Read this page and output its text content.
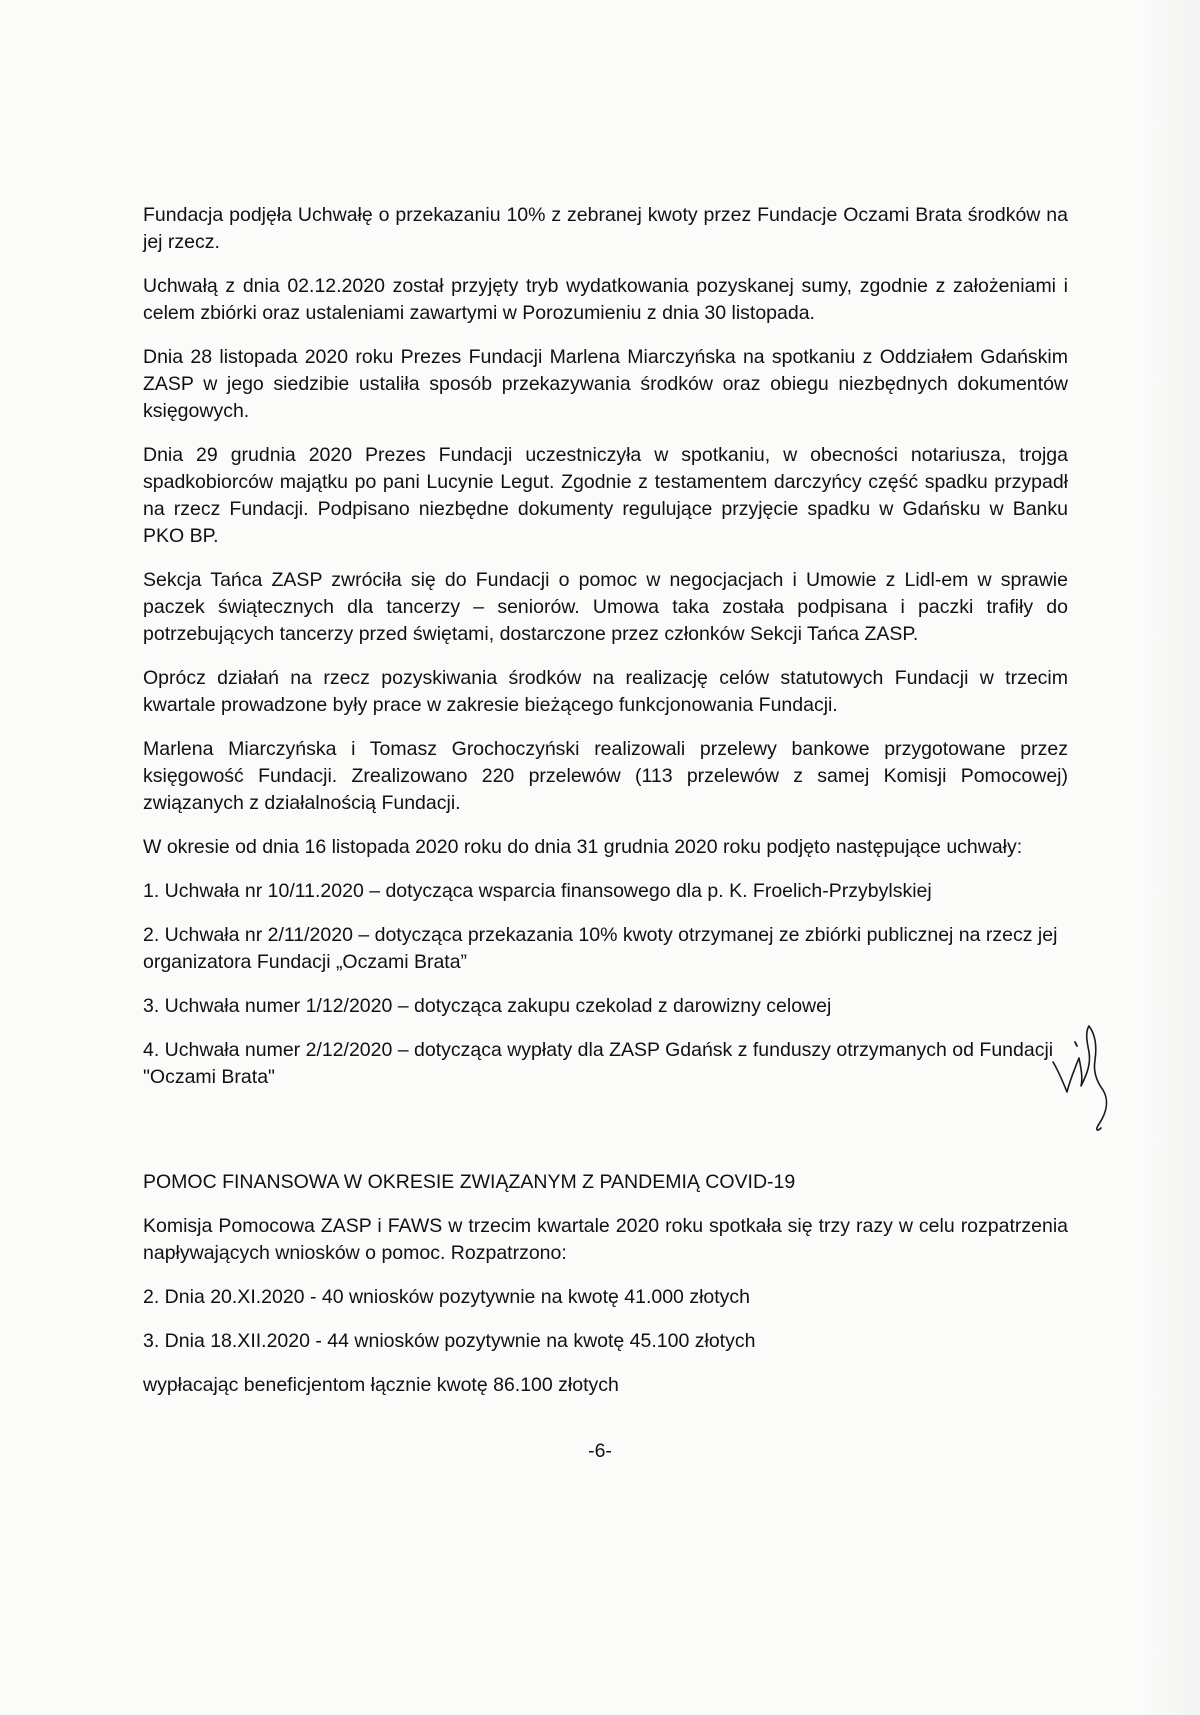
Fundacja podjęła Uchwałę o przekazaniu 10% z zebranej kwoty przez Fundacje Oczami Brata środków na jej rzecz.

Uchwałą z dnia 02.12.2020 został przyjęty tryb wydatkowania pozyskanej sumy, zgodnie z założeniami i celem zbiórki oraz ustaleniami zawartymi w Porozumieniu z dnia 30 listopada.

Dnia 28 listopada 2020 roku Prezes Fundacji Marlena Miarczyńska na spotkaniu z Oddziałem Gdańskim ZASP w jego siedzibie ustaliła sposób przekazywania środków oraz obiegu niezbędnych dokumentów księgowych.

Dnia 29 grudnia 2020 Prezes Fundacji uczestniczyła w spotkaniu, w obecności notariusza, trojga spadkobiorców majątku po pani Lucynie Legut. Zgodnie z testamentem darczyńcy część spadku przypadł na rzecz Fundacji. Podpisano niezbędne dokumenty regulujące przyjęcie spadku w Gdańsku w Banku PKO BP.

Sekcja Tańca ZASP zwróciła się do Fundacji o pomoc w negocjacjach i Umowie z Lidl-em w sprawie paczek świątecznych dla tancerzy – seniorów. Umowa taka została podpisana i paczki trafiły do potrzebujących tancerzy przed świętami, dostarczone przez członków Sekcji Tańca ZASP.

Oprócz działań na rzecz pozyskiwania środków na realizację celów statutowych Fundacji w trzecim kwartale prowadzone były prace w zakresie bieżącego funkcjonowania Fundacji.

Marlena Miarczyńska i Tomasz Grochoczyński realizowali przelewy bankowe przygotowane przez księgowość Fundacji. Zrealizowano 220 przelewów (113 przelewów z samej Komisji Pomocowej) związanych z działalnością Fundacji.

W okresie od dnia 16 listopada 2020 roku do dnia 31 grudnia 2020 roku podjęto następujące uchwały:

1. Uchwała nr 10/11.2020 – dotycząca wsparcia finansowego dla p. K. Froelich-Przybylskiej

2. Uchwała nr 2/11/2020 – dotycząca przekazania 10% kwoty otrzymanej ze zbiórki publicznej na rzecz jej organizatora Fundacji „Oczami Brata”

3. Uchwała numer 1/12/2020 – dotycząca zakupu czekolad z darowizny celowej

4. Uchwała numer 2/12/2020 – dotycząca wypłaty dla ZASP Gdańsk z funduszy otrzymanych od Fundacji "Oczami Brata"

POMOC FINANSOWA W OKRESIE ZWIĄZANYM Z PANDEMIĄ COVID-19

Komisja Pomocowa ZASP i FAWS w trzecim kwartale 2020 roku spotkała się trzy razy w celu rozpatrzenia napływających wniosków o pomoc. Rozpatrzono:

2. Dnia 20.XI.2020 - 40 wniosków pozytywnie na kwotę 41.000 złotych

3. Dnia 18.XII.2020 - 44 wniosków pozytywnie na kwotę 45.100 złotych

wypłacając beneficjentom łącznie kwotę 86.100 złotych

-6-
